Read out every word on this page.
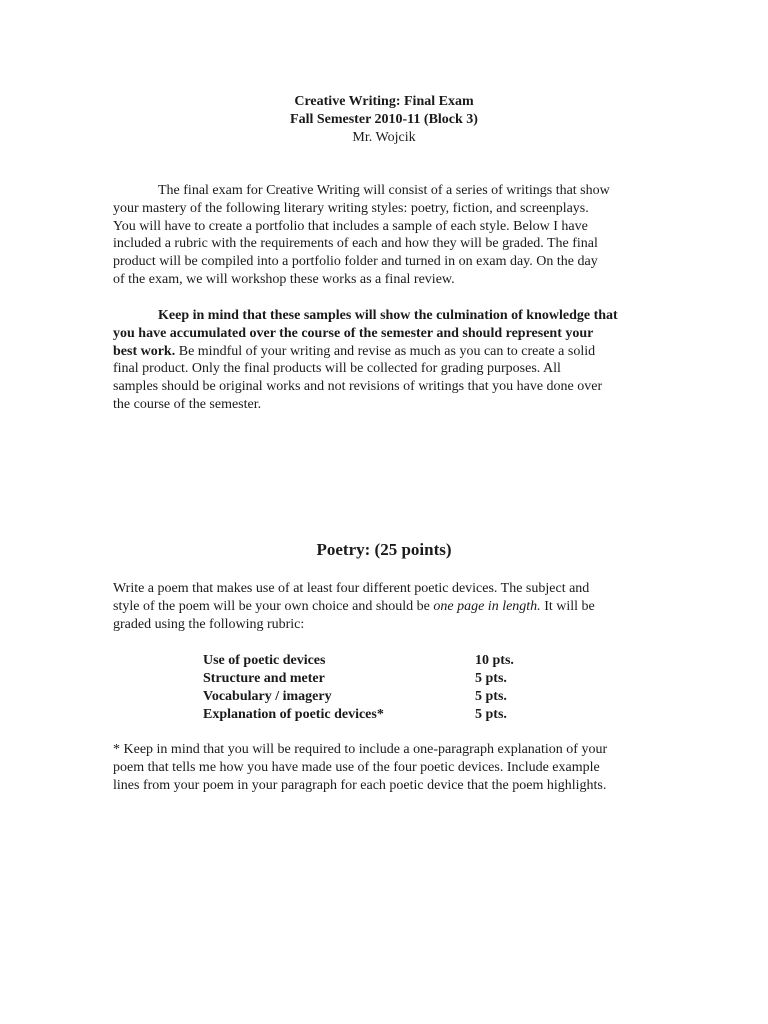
Creative Writing: Final Exam
Fall Semester 2010-11 (Block 3)
Mr. Wojcik
The final exam for Creative Writing will consist of a series of writings that show
your mastery of the following literary writing styles: poetry, fiction, and screenplays.
You will have to create a portfolio that includes a sample of each style. Below I have
included a rubric with the requirements of each and how they will be graded. The final
product will be compiled into a portfolio folder and turned in on exam day. On the day
of the exam, we will workshop these works as a final review.
Keep in mind that these samples will show the culmination of knowledge that
you have accumulated over the course of the semester and should represent your
best work. Be mindful of your writing and revise as much as you can to create a solid
final product. Only the final products will be collected for grading purposes. All
samples should be original works and not revisions of writings that you have done over
the course of the semester.
Poetry: (25 points)
Write a poem that makes use of at least four different poetic devices. The subject and
style of the poem will be your own choice and should be one page in length. It will be
graded using the following rubric:
Use of poetic devices	10 pts.
Structure and meter	5 pts.
Vocabulary / imagery	5 pts.
Explanation of poetic devices*	5 pts.
* Keep in mind that you will be required to include a one-paragraph explanation of your
poem that tells me how you have made use of the four poetic devices. Include example
lines from your poem in your paragraph for each poetic device that the poem highlights.
